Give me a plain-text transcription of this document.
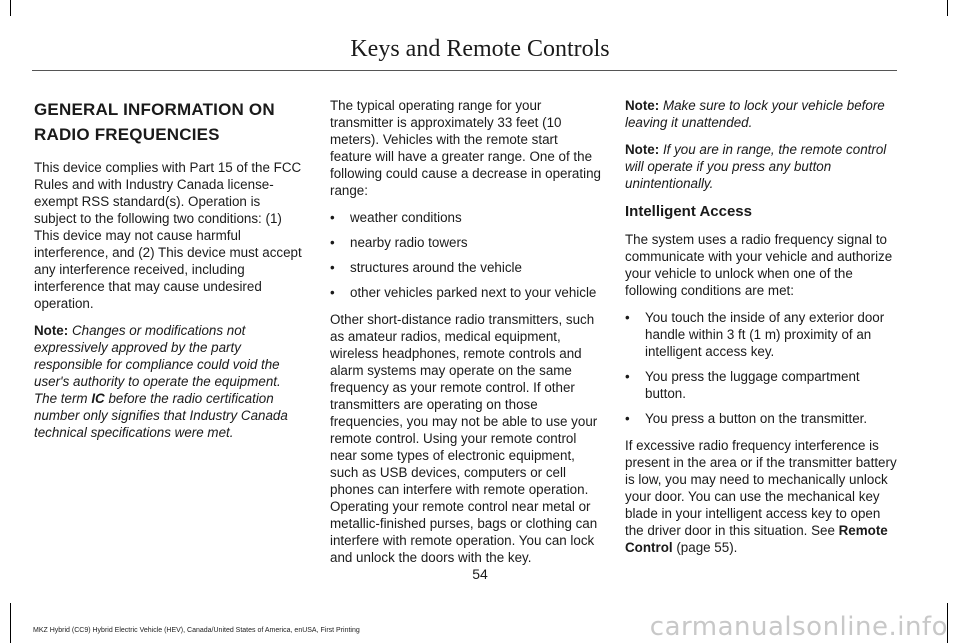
Keys and Remote Controls
GENERAL INFORMATION ON
RADIO FREQUENCIES

This device complies with Part 15 of the FCC Rules and with Industry Canada license-exempt RSS standard(s). Operation is subject to the following two conditions: (1) This device may not cause harmful interference, and (2) This device must accept any interference received, including interference that may cause undesired operation.

Note: Changes or modifications not expressively approved by the party responsible for compliance could void the user's authority to operate the equipment. The term IC before the radio certification number only signifies that Industry Canada technical specifications were met.

The typical operating range for your transmitter is approximately 33 feet (10 meters). Vehicles with the remote start feature will have a greater range. One of the following could cause a decrease in operating range:

• weather conditions
• nearby radio towers
• structures around the vehicle
• other vehicles parked next to your vehicle

Other short-distance radio transmitters, such as amateur radios, medical equipment, wireless headphones, remote controls and alarm systems may operate on the same frequency as your remote control. If other transmitters are operating on those frequencies, you may not be able to use your remote control. Using your remote control near some types of electronic equipment, such as USB devices, computers or cell phones can interfere with remote operation. Operating your remote control near metal or metallic-finished purses, bags or clothing can interfere with remote operation. You can lock and unlock the doors with the key.

Note: Make sure to lock your vehicle before leaving it unattended.

Note: If you are in range, the remote control will operate if you press any button unintentionally.

Intelligent Access

The system uses a radio frequency signal to communicate with your vehicle and authorize your vehicle to unlock when one of the following conditions are met:

• You touch the inside of any exterior door handle within 3 ft (1 m) proximity of an intelligent access key.
• You press the luggage compartment button.
• You press a button on the transmitter.

If excessive radio frequency interference is present in the area or if the transmitter battery is low, you may need to mechanically unlock your door. You can use the mechanical key blade in your intelligent access key to open the driver door in this situation. See Remote Control (page 55).

54
MKZ Hybrid (CC9) Hybrid Electric Vehicle (HEV), Canada/United States of America, enUSA, First Printing	carmanualsonline.info
